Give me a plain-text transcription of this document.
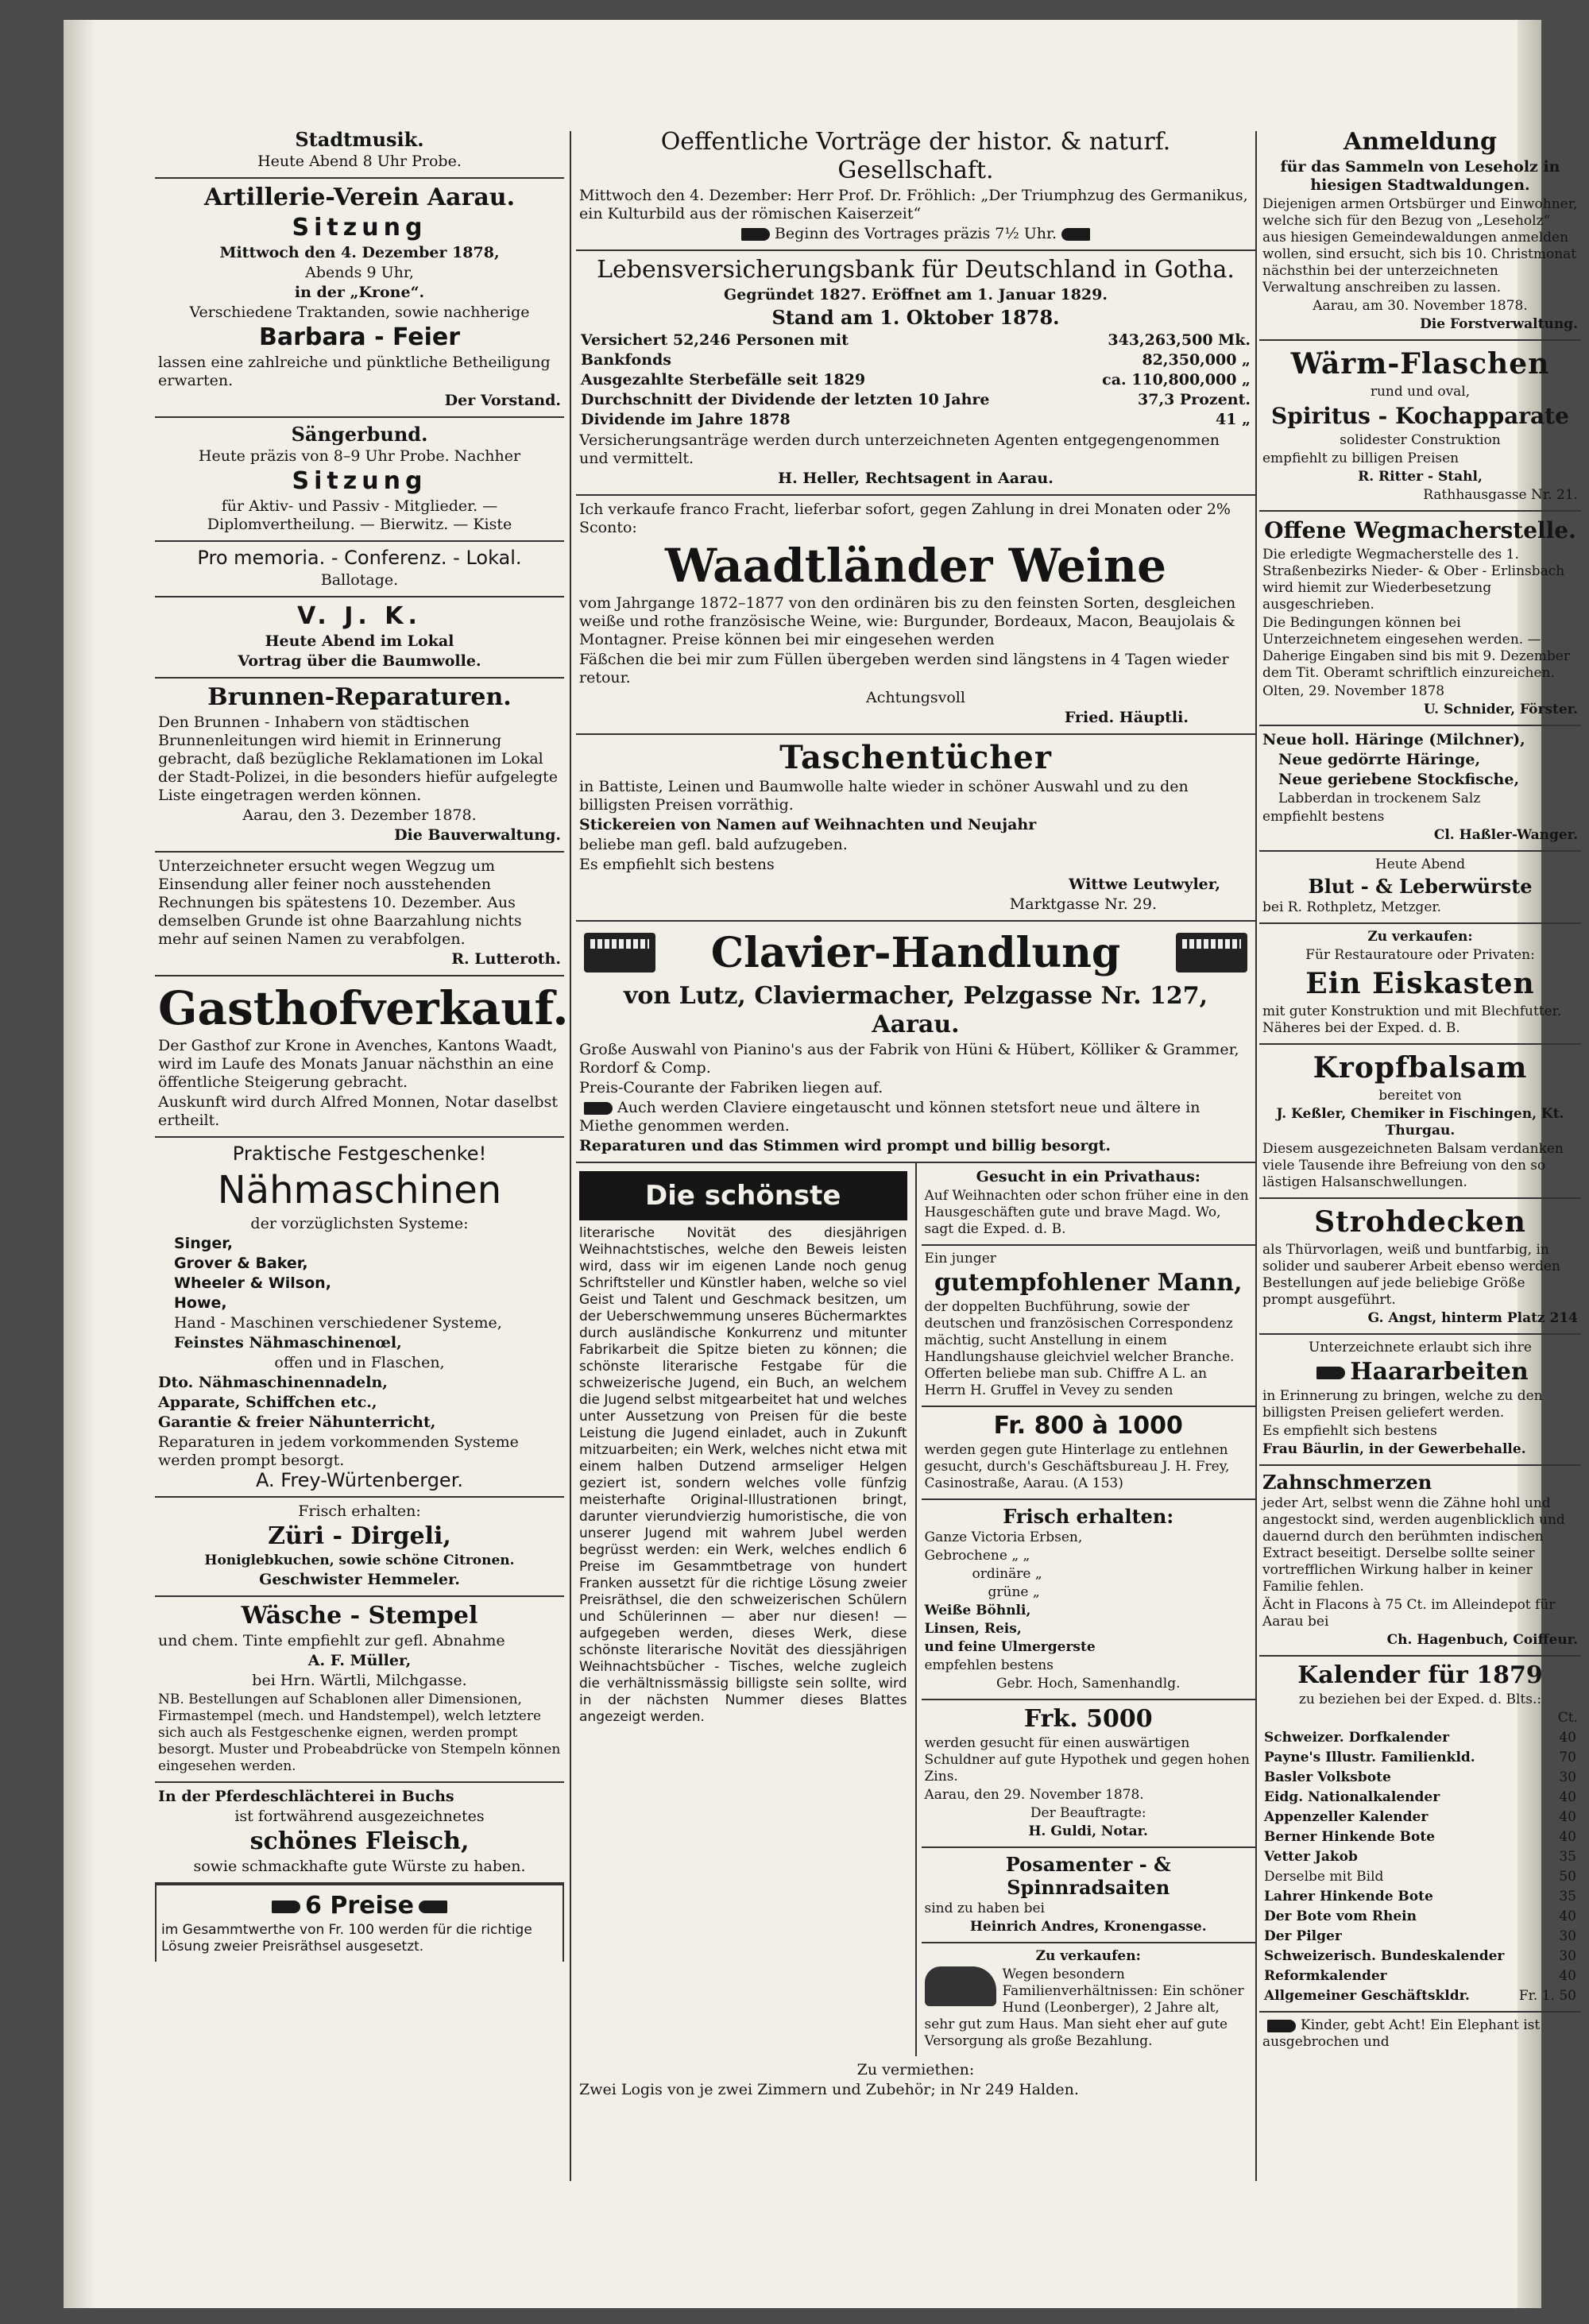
Stadtmusik.

Heute Abend 8 Uhr Probe.

Artillerie-Verein Aarau.

Sitzung

Mittwoch den 4. Dezember 1878,

Abends 9 Uhr,

in der „Krone“.

Verschiedene Traktanden, sowie nachherige

Barbara - Feier

lassen eine zahlreiche und pünktliche Betheiligung erwarten.

Der Vorstand.

Sängerbund.

Heute präzis von 8–9 Uhr Probe. Nachher

Sitzung

für Aktiv- und Passiv - Mitglieder. — Diplomvertheilung. — Bierwitz. — Kiste

Pro memoria. - Conferenz. - Lokal.

Ballotage.

V. J. K.

Heute Abend im Lokal

Vortrag über die Baumwolle.

Brunnen-Reparaturen.

Den Brunnen - Inhabern von städtischen Brunnenleitungen wird hiemit in Erinnerung gebracht, daß bezügliche Reklamationen im Lokal der Stadt-Polizei, in die besonders hiefür aufgelegte Liste eingetragen werden können.

Aarau, den 3. Dezember 1878.

Die Bauverwaltung.

Unterzeichneter ersucht wegen Wegzug um Einsendung aller feiner noch ausstehenden Rechnungen bis spätestens 10. Dezember. Aus demselben Grunde ist ohne Baarzahlung nichts mehr auf seinen Namen zu verabfolgen.

R. Lutteroth.

Gasthofverkauf.

Der Gasthof zur Krone in Avenches, Kantons Waadt, wird im Laufe des Monats Januar nächsthin an eine öffentliche Steigerung gebracht.

Auskunft wird durch Alfred Monnen, Notar daselbst ertheilt.

Praktische Festgeschenke!

Nähmaschinen

der vorzüglichsten Systeme:

Singer,

Grover & Baker,

Wheeler & Wilson,

Howe,

Hand - Maschinen verschiedener Systeme,

Feinstes Nähmaschinenœl,

offen und in Flaschen,

Dto. Nähmaschinennadeln,

Apparate, Schiffchen etc.,

Garantie & freier Nähunterricht,

Reparaturen in jedem vorkommenden Systeme werden prompt besorgt.

A. Frey-Würtenberger.

Frisch erhalten:

Züri - Dirgeli,

Honiglebkuchen, sowie schöne Citronen.

Geschwister Hemmeler.

Wäsche - Stempel

und chem. Tinte empfiehlt zur gefl. Abnahme

A. F. Müller,

bei Hrn. Wärtli, Milchgasse.

NB. Bestellungen auf Schablonen aller Dimensionen, Firmastempel (mech. und Handstempel), welch letztere sich auch als Festgeschenke eignen, werden prompt besorgt. Muster und Probeabdrücke von Stempeln können eingesehen werden.

In der Pferdeschlächterei in Buchs

ist fortwährend ausgezeichnetes

schönes Fleisch,

sowie schmackhafte gute Würste zu haben.

6 Preise

im Gesammtwerthe von Fr. 100 werden für die richtige Lösung zweier Preisräthsel ausgesetzt.

Oeffentliche Vorträge der histor. & naturf. Gesellschaft.

Mittwoch den 4. Dezember: Herr Prof. Dr. Fröhlich: „Der Triumphzug des Germanikus, ein Kulturbild aus der römischen Kaiserzeit“

Beginn des Vortrages präzis 7½ Uhr.

Lebensversicherungsbank für Deutschland in Gotha.

Gegründet 1827. Eröffnet am 1. Januar 1829.

Stand am 1. Oktober 1878.

Versichert 52,246 Personen mit	343,263,500 Mk.
Bankfonds	82,350,000 „
Ausgezahlte Sterbefälle seit 1829	ca. 110,800,000 „
Durchschnitt der Dividende der letzten 10 Jahre	37,3 Prozent.
Dividende im Jahre 1878	41 „

Versicherungsanträge werden durch unterzeichneten Agenten entgegengenommen und vermittelt.

H. Heller, Rechtsagent in Aarau.

Ich verkaufe franco Fracht, lieferbar sofort, gegen Zahlung in drei Monaten oder 2% Sconto:

Waadtländer Weine

vom Jahrgange 1872–1877 von den ordinären bis zu den feinsten Sorten, desgleichen weiße und rothe französische Weine, wie: Burgunder, Bordeaux, Macon, Beaujolais & Montagner. Preise können bei mir eingesehen werden

Fäßchen die bei mir zum Füllen übergeben werden sind längstens in 4 Tagen wieder retour.

Achtungsvoll

Fried. Häuptli.

Taschentücher

in Battiste, Leinen und Baumwolle halte wieder in schöner Auswahl und zu den billigsten Preisen vorräthig.

Stickereien von Namen auf Weihnachten und Neujahr

beliebe man gefl. bald aufzugeben.

Es empfiehlt sich bestens

Wittwe Leutwyler,

Marktgasse Nr. 29.

Clavier-Handlung

von Lutz, Claviermacher, Pelzgasse Nr. 127, Aarau.

Große Auswahl von Pianino's aus der Fabrik von Hüni & Hübert, Kölliker & Grammer, Rordorf & Comp.

Preis-Courante der Fabriken liegen auf.

Auch werden Claviere eingetauscht und können stetsfort neue und ältere in Miethe genommen werden.

Reparaturen und das Stimmen wird prompt und billig besorgt.

Die schönste

literarische Novität des diesjährigen Weihnachtstisches, welche den Beweis leisten wird, dass wir im eigenen Lande noch genug Schriftsteller und Künstler haben, welche so viel Geist und Talent und Geschmack besitzen, um der Ueberschwemmung unseres Büchermarktes durch ausländische Konkurrenz und mitunter Fabrikarbeit die Spitze bieten zu können; die schönste literarische Festgabe für die schweizerische Jugend, ein Buch, an welchem die Jugend selbst mitgearbeitet hat und welches unter Aussetzung von Preisen für die beste Leistung die Jugend einladet, auch in Zukunft mitzuarbeiten; ein Werk, welches nicht etwa mit einem halben Dutzend armseliger Helgen geziert ist, sondern welches volle fünfzig meisterhafte Original-Illustrationen bringt, darunter vierundvierzig humoristische, die von unserer Jugend mit wahrem Jubel werden begrüsst werden: ein Werk, welches endlich 6 Preise im Gesammtbetrage von hundert Franken aussetzt für die richtige Lösung zweier Preisräthsel, die den schweizerischen Schülern und Schülerinnen — aber nur diesen! — aufgegeben werden, dieses Werk, diese schönste literarische Novität des diessjährigen Weihnachtsbücher - Tisches, welche zugleich die verhältnissmässig billigste sein sollte, wird in der nächsten Nummer dieses Blattes angezeigt werden.

Gesucht in ein Privathaus:

Auf Weihnachten oder schon früher eine in den Hausgeschäften gute und brave Magd. Wo, sagt die Exped. d. B.

Ein junger

gutempfohlener Mann,

der doppelten Buchführung, sowie der deutschen und französischen Correspondenz mächtig, sucht Anstellung in einem Handlungshause gleichviel welcher Branche. Offerten beliebe man sub. Chiffre A L. an Herrn H. Gruffel in Vevey zu senden

Fr. 800 à 1000

werden gegen gute Hinterlage zu entlehnen gesucht, durch's Geschäftsbureau J. H. Frey, Casinostraße, Aarau. (A 153)

Frisch erhalten:

Ganze Victoria Erbsen,

Gebrochene „ „

ordinäre „

grüne „

Weiße Böhnli,

Linsen, Reis,

und feine Ulmergerste

empfehlen bestens

Gebr. Hoch, Samenhandlg.

Frk. 5000

werden gesucht für einen auswärtigen Schuldner auf gute Hypothek und gegen hohen Zins.

Aarau, den 29. November 1878.

Der Beauftragte:

H. Guldi, Notar.

Posamenter - & Spinnradsaiten

sind zu haben bei

Heinrich Andres, Kronengasse.

Zu verkaufen:

Wegen besondern Familienverhältnissen: Ein schöner Hund (Leonberger), 2 Jahre alt, sehr gut zum Haus. Man sieht eher auf gute Versorgung als große Bezahlung.

Zu vermiethen:

Zwei Logis von je zwei Zimmern und Zubehör; in Nr 249 Halden.

Anmeldung

für das Sammeln von Leseholz in hiesigen Stadtwaldungen.

Diejenigen armen Ortsbürger und Einwohner, welche sich für den Bezug von „Leseholz“ aus hiesigen Gemeindewaldungen anmelden wollen, sind ersucht, sich bis 10. Christmonat nächsthin bei der unterzeichneten Verwaltung anschreiben zu lassen.

Aarau, am 30. November 1878.

Die Forstverwaltung.

Wärm-Flaschen

rund und oval,

Spiritus - Kochapparate

solidester Construktion

empfiehlt zu billigen Preisen

R. Ritter - Stahl,

Rathhausgasse Nr. 21.

Offene Wegmacherstelle.

Die erledigte Wegmacherstelle des 1. Straßenbezirks Nieder- & Ober - Erlinsbach wird hiemit zur Wiederbesetzung ausgeschrieben.

Die Bedingungen können bei Unterzeichnetem eingesehen werden. — Daherige Eingaben sind bis mit 9. Dezember dem Tit. Oberamt schriftlich einzureichen.

Olten, 29. November 1878

U. Schnider, Förster.

Neue holl. Häringe (Milchner),

Neue gedörrte Häringe,

Neue geriebene Stockfische,

Labberdan in trockenem Salz

empfiehlt bestens

Cl. Haßler-Wanger.

Heute Abend

Blut - & Leberwürste

bei R. Rothpletz, Metzger.

Zu verkaufen:

Für Restauratoure oder Privaten:

Ein Eiskasten

mit guter Konstruktion und mit Blechfutter. Näheres bei der Exped. d. B.

Kropfbalsam

bereitet von

J. Keßler, Chemiker in Fischingen, Kt. Thurgau.

Diesem ausgezeichneten Balsam verdanken viele Tausende ihre Befreiung von den so lästigen Halsanschwellungen.

Strohdecken

als Thürvorlagen, weiß und buntfarbig, in solider und sauberer Arbeit ebenso werden Bestellungen auf jede beliebige Größe prompt ausgeführt.

G. Angst, hinterm Platz 214

Unterzeichnete erlaubt sich ihre

Haararbeiten

in Erinnerung zu bringen, welche zu den billigsten Preisen geliefert werden.

Es empfiehlt sich bestens

Frau Bäurlin, in der Gewerbehalle.

Zahnschmerzen

jeder Art, selbst wenn die Zähne hohl und angestockt sind, werden augenblicklich und dauernd durch den berühmten indischen Extract beseitigt. Derselbe sollte seiner vortrefflichen Wirkung halber in keiner Familie fehlen.

Ächt in Flacons à 75 Ct. im Alleindepot für Aarau bei

Ch. Hagenbuch, Coiffeur.

Kalender für 1879

zu beziehen bei der Exped. d. Blts.:

Ct.

Schweizer. Dorfkalender	40
Payne's Illustr. Familienkld.	70
Basler Volksbote	30
Eidg. Nationalkalender	40
Appenzeller Kalender	40
Berner Hinkende Bote	40
Vetter Jakob	35
Derselbe mit Bild	50
Lahrer Hinkende Bote	35
Der Bote vom Rhein	40
Der Pilger	30
Schweizerisch. Bundeskalender	30
Reformkalender	40
Allgemeiner Geschäftskldr.	Fr. 1. 50

Kinder, gebt Acht! Ein Elephant ist ausgebrochen und
